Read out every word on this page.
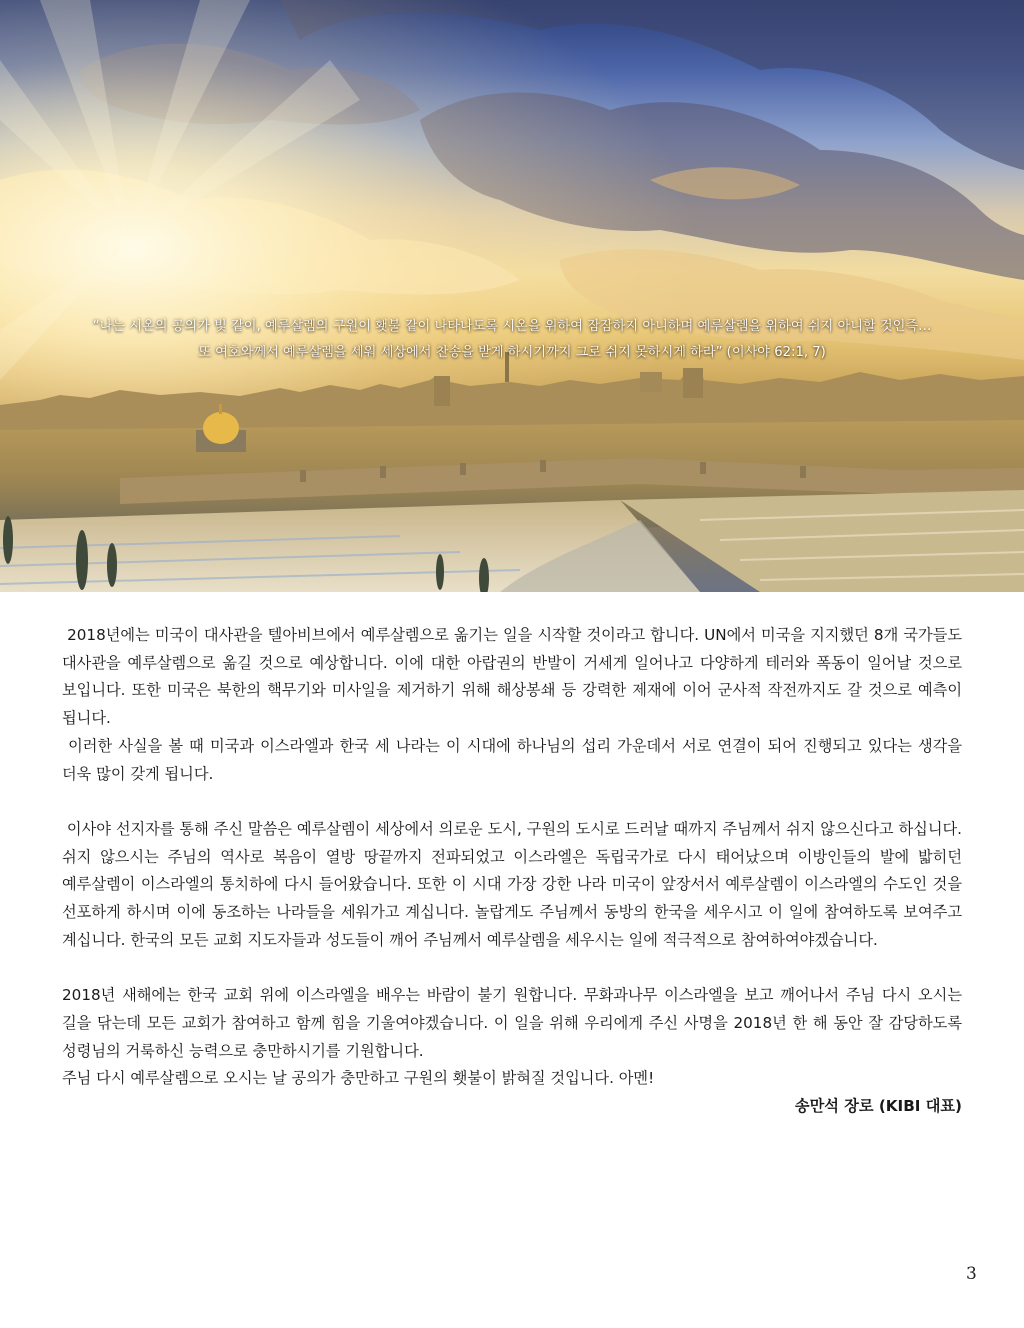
“나는 시온의 공의가 빛 같이, 예루살렘의 구원이 횃불 같이 나타나도록 시온을 위하여 잠잠하지 아니하며 예루살렘을 위하여 쉬지 아니할 것인즉…
또 여호와께서 예루살렘을 세워 세상에서 찬송을 받게 하시기까지 그로 쉬지 못하시게 하라” (이사야 62:1, 7)

2018년에는 미국이 대사관을 텔아비브에서 예루살렘으로 옮기는 일을 시작할 것이라고 합니다. UN에서 미국을 지지했던 8개 국가들도 대사관을 예루살렘으로 옮길 것으로 예상합니다. 이에 대한 아랍권의 반발이 거세게 일어나고 다양하게 테러와 폭동이 일어날 것으로 보입니다. 또한 미국은 북한의 핵무기와 미사일을 제거하기 위해 해상봉쇄 등 강력한 제재에 이어 군사적 작전까지도 갈 것으로 예측이 됩니다.

이러한 사실을 볼 때 미국과 이스라엘과 한국 세 나라는 이 시대에 하나님의 섭리 가운데서 서로 연결이 되어 진행되고 있다는 생각을 더욱 많이 갖게 됩니다.

이사야 선지자를 통해 주신 말씀은 예루살렘이 세상에서 의로운 도시, 구원의 도시로 드러날 때까지 주님께서 쉬지 않으신다고 하십니다. 쉬지 않으시는 주님의 역사로 복음이 열방 땅끝까지 전파되었고 이스라엘은 독립국가로 다시 태어났으며 이방인들의 발에 밟히던 예루살렘이 이스라엘의 통치하에 다시 들어왔습니다. 또한 이 시대 가장 강한 나라 미국이 앞장서서 예루살렘이 이스라엘의 수도인 것을 선포하게 하시며 이에 동조하는 나라들을 세워가고 계십니다. 놀랍게도 주님께서 동방의 한국을 세우시고 이 일에 참여하도록 보여주고 계십니다. 한국의 모든 교회 지도자들과 성도들이 깨어 주님께서 예루살렘을 세우시는 일에 적극적으로 참여하여야겠습니다.

2018년 새해에는 한국 교회 위에 이스라엘을 배우는 바람이 불기 원합니다. 무화과나무 이스라엘을 보고 깨어나서 주님 다시 오시는 길을 닦는데 모든 교회가 참여하고 함께 힘을 기울여야겠습니다. 이 일을 위해 우리에게 주신 사명을 2018년 한 해 동안 잘 감당하도록 성령님의 거룩하신 능력으로 충만하시기를 기원합니다.

주님 다시 예루살렘으로 오시는 날 공의가 충만하고 구원의 횃불이 밝혀질 것입니다. 아멘!

송만석 장로 (KIBI 대표)

3
